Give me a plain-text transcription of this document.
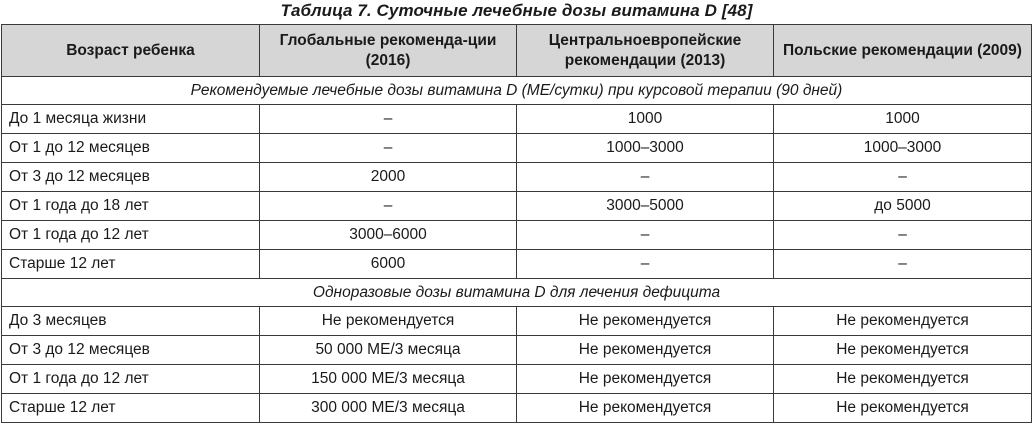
Таблица 7. Суточные лечебные дозы витамина D [48]
Возраст ребенка	Глобальные рекоменда-ции (2016)	Центральноевропейские рекомендации (2013)	Польские рекомендации (2009)
Рекомендуемые лечебные дозы витамина D (МЕ/сутки) при курсовой терапии (90 дней)			
До 1 месяца жизни	–	1000	1000
От 1 до 12 месяцев	–	1000–3000	1000–3000
От 3 до 12 месяцев	2000	–	–
От 1 года до 18 лет	–	3000–5000	до 5000
От 1 года до 12 лет	3000–6000	–	–
Старше 12 лет	6000	–	–
Одноразовые дозы витамина D для лечения дефицита			
До 3 месяцев	Не рекомендуется	Не рекомендуется	Не рекомендуется
От 3 до 12 месяцев	50 000 МЕ/3 месяца	Не рекомендуется	Не рекомендуется
От 1 года до 12 лет	150 000 МЕ/3 месяца	Не рекомендуется	Не рекомендуется
Старше 12 лет	300 000 МЕ/3 месяца	Не рекомендуется	Не рекомендуется
